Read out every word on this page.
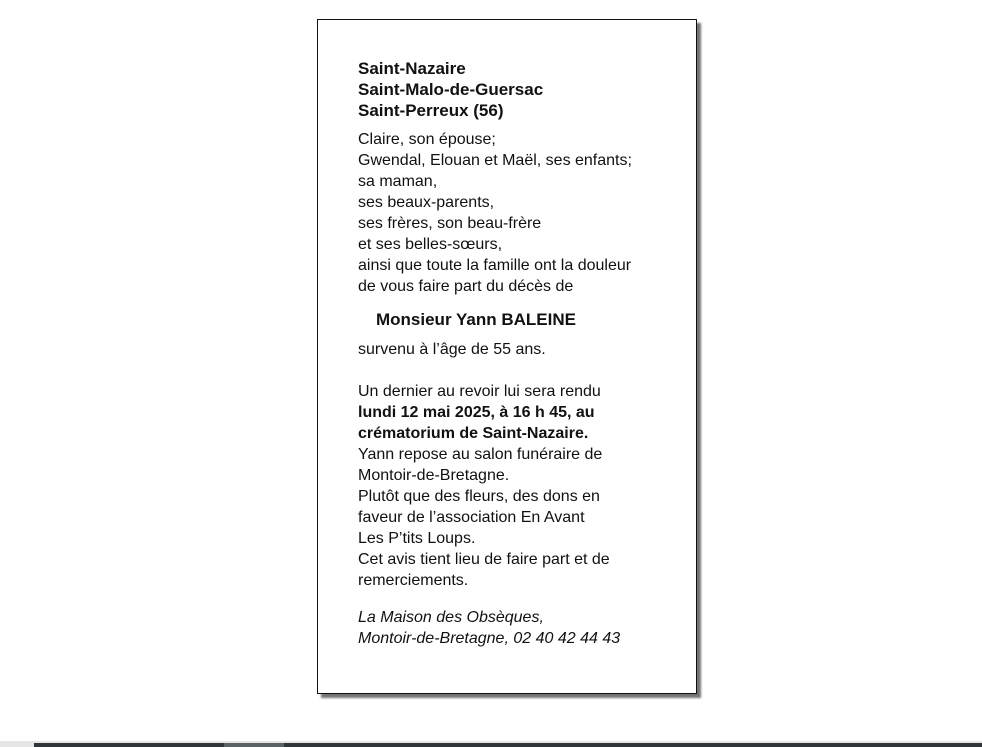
Saint-Nazaire
Saint-Malo-de-Guersac
Saint-Perreux (56)
Claire, son épouse;
Gwendal, Elouan et Maël, ses enfants;
sa maman,
ses beaux-parents,
ses frères, son beau-frère
et ses belles-sœurs,
ainsi que toute la famille ont la douleur
de vous faire part du décès de
Monsieur Yann BALEINE
survenu à l’âge de 55 ans.
Un dernier au revoir lui sera rendu
lundi 12 mai 2025, à 16 h 45, au
crématorium de Saint-Nazaire.
Yann repose au salon funéraire de
Montoir-de-Bretagne.
Plutôt que des fleurs, des dons en
faveur de l’association En Avant
Les P’tits Loups.
Cet avis tient lieu de faire part et de
remerciements.
La Maison des Obsèques,
Montoir-de-Bretagne, 02 40 42 44 43
